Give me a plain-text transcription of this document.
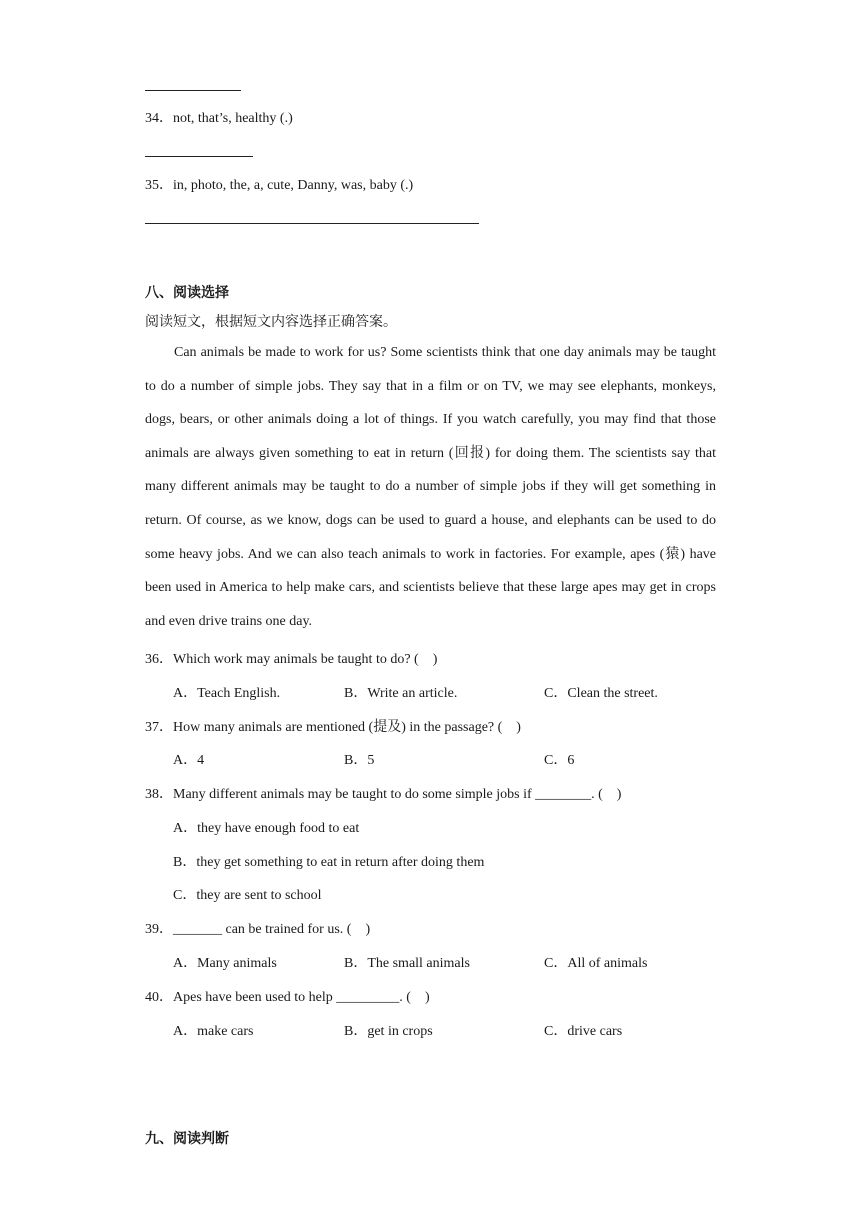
34．not, that’s, healthy (.)
35．in, photo, the, a, cute, Danny, was, baby (.)
八、阅读选择
阅读短文，根据短文内容选择正确答案。

Can animals be made to work for us? Some scientists think that one day animals may be taught to do a number of simple jobs. They say that in a film or on TV, we may see elephants, monkeys, dogs, bears, or other animals doing a lot of things. If you watch carefully, you may find that those animals are always given something to eat in return (回报) for doing them. The scientists say that many different animals may be taught to do a number of simple jobs if they will get something in return. Of course, as we know, dogs can be used to guard a house, and elephants can be used to do some heavy jobs. And we can also teach animals to work in factories. For example, apes (猿) have been used in America to help make cars, and scientists believe that these large apes may get in crops and even drive trains one day.

36．Which work may animals be taught to do? (　)
A．Teach English.	B．Write an article.	C．Clean the street.
37．How many animals are mentioned (提及) in the passage? (　)
A．4	B．5	C．6
38．Many different animals may be taught to do some simple jobs if ________. (　)
A．they have enough food to eat
B．they get something to eat in return after doing them
C．they are sent to school
39．_______ can be trained for us. (　)
A．Many animals	B．The small animals	C．All of animals
40．Apes have been used to help _________. (　)
A．make cars	B．get in crops	C．drive cars
九、阅读判断
